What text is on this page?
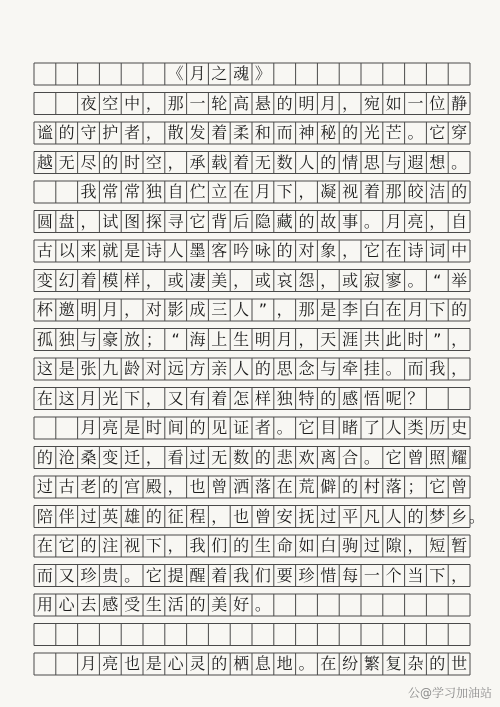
《 月 之 魂 》
夜 空 中 ， 那 一 轮 高 悬 的 明 月 ， 宛 如 一 位 静
谧 的 守 护 者 ， 散 发 着 柔 和 而 神 秘 的 光 芒 。 它 穿
越 无 尽 的 时 空 ， 承 载 着 无 数 人 的 情 思 与 遐 想 。
我 常 常 独 自 伫 立 在 月 下 ， 凝 视 着 那 皎 洁 的
圆 盘 ， 试 图 探 寻 它 背 后 隐 藏 的 故 事 。 月 亮 ， 自
古 以 来 就 是 诗 人 墨 客 吟 咏 的 对 象 ， 它 在 诗 词 中
变 幻 着 模 样 ， 或 凄 美 ， 或 哀 怨 ， 或 寂 寥 。 “ 举
杯 邀 明 月 ， 对 影 成 三 人 ” ， 那 是 李 白 在 月 下 的
孤 独 与 豪 放 ； “ 海 上 生 明 月 ， 天 涯 共 此 时 ” ，
这 是 张 九 龄 对 远 方 亲 人 的 思 念 与 牵 挂 。 而 我 ，
在 这 月 光 下 ， 又 有 着 怎 样 独 特 的 感 悟 呢 ？
月 亮 是 时 间 的 见 证 者 。 它 目 睹 了 人 类 历 史
的 沧 桑 变 迁 ， 看 过 无 数 的 悲 欢 离 合 。 它 曾 照 耀
过 古 老 的 宫 殿 ， 也 曾 洒 落 在 荒 僻 的 村 落 ； 它 曾
陪 伴 过 英 雄 的 征 程 ， 也 曾 安 抚 过 平 凡 人 的 梦 乡 。
在 它 的 注 视 下 ， 我 们 的 生 命 如 白 驹 过 隙 ， 短 暂
而 又 珍 贵 。 它 提 醒 着 我 们 要 珍 惜 每 一 个 当 下 ，
用 心 去 感 受 生 活 的 美 好 。
月 亮 也 是 心 灵 的 栖 息 地 。 在 纷 繁 复 杂 的 世
公@学习加油站
